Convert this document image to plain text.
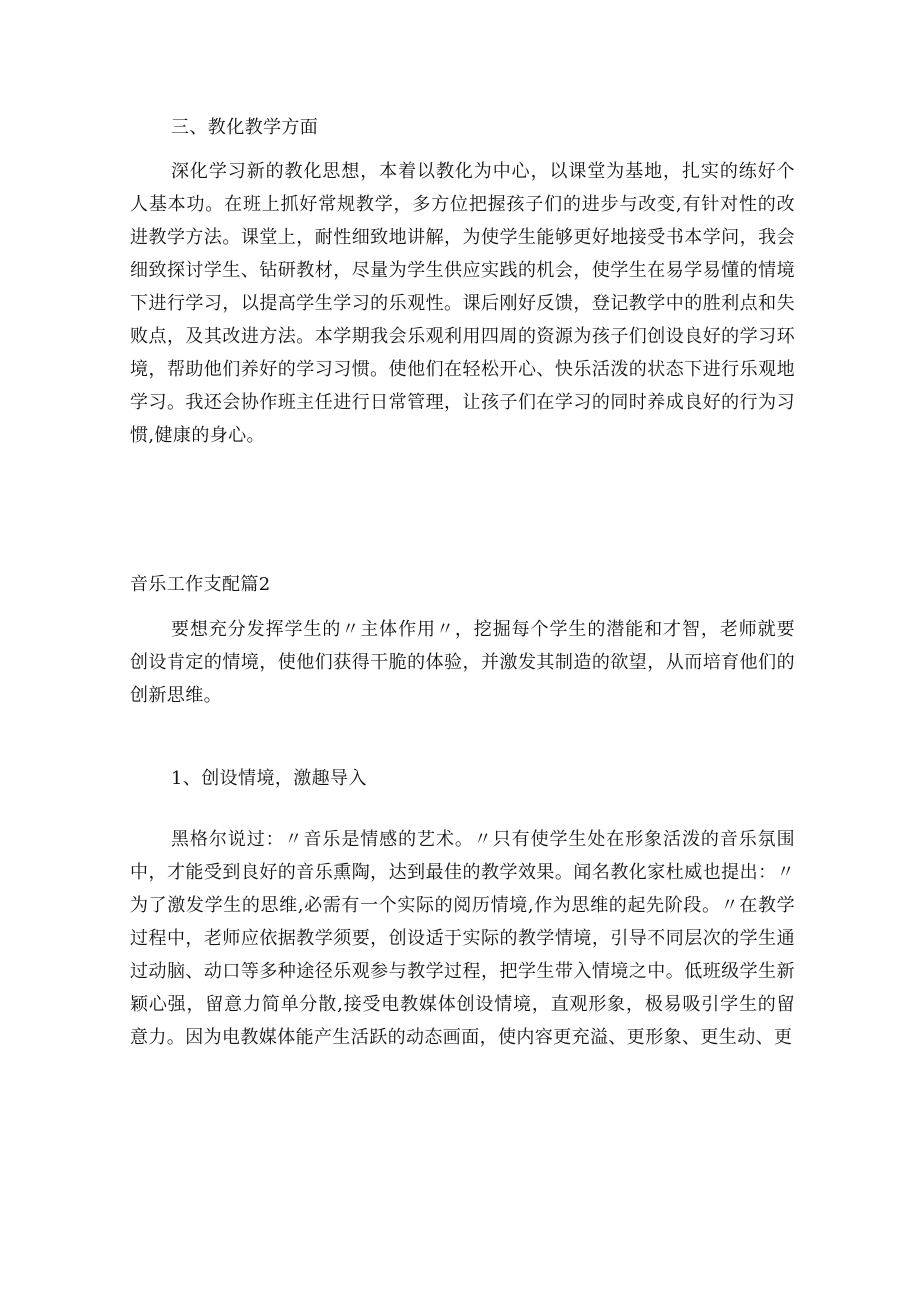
三、教化教学方面

深化学习新的教化思想，本着以教化为中心，以课堂为基地，扎实的练好个人基本功。在班上抓好常规教学，多方位把握孩子们的进步与改变,有针对性的改进教学方法。课堂上，耐性细致地讲解，为使学生能够更好地接受书本学问，我会细致探讨学生、钻研教材，尽量为学生供应实践的机会，使学生在易学易懂的情境下进行学习，以提高学生学习的乐观性。课后刚好反馈，登记教学中的胜利点和失败点，及其改进方法。本学期我会乐观利用四周的资源为孩子们创设良好的学习环境，帮助他们养好的学习习惯。使他们在轻松开心、快乐活泼的状态下进行乐观地学习。我还会协作班主任进行日常管理，让孩子们在学习的同时养成良好的行为习惯,健康的身心。

音乐工作支配篇2

要想充分发挥学生的〃主体作用〃，挖掘每个学生的潜能和才智，老师就要创设肯定的情境，使他们获得干脆的体验，并激发其制造的欲望，从而培育他们的创新思维。

1、创设情境，激趣导入

黑格尔说过：〃音乐是情感的艺术。〃只有使学生处在形象活泼的音乐氛围中，才能受到良好的音乐熏陶，达到最佳的教学效果。闻名教化家杜威也提出：〃为了激发学生的思维,必需有一个实际的阅历情境,作为思维的起先阶段。〃在教学过程中，老师应依据教学须要，创设适于实际的教学情境，引导不同层次的学生通过动脑、动口等多种途径乐观参与教学过程，把学生带入情境之中。低班级学生新颖心强，留意力简单分散,接受电教媒体创设情境，直观形象，极易吸引学生的留意力。因为电教媒体能产生活跃的动态画面，使内容更充溢、更形象、更生动、更
